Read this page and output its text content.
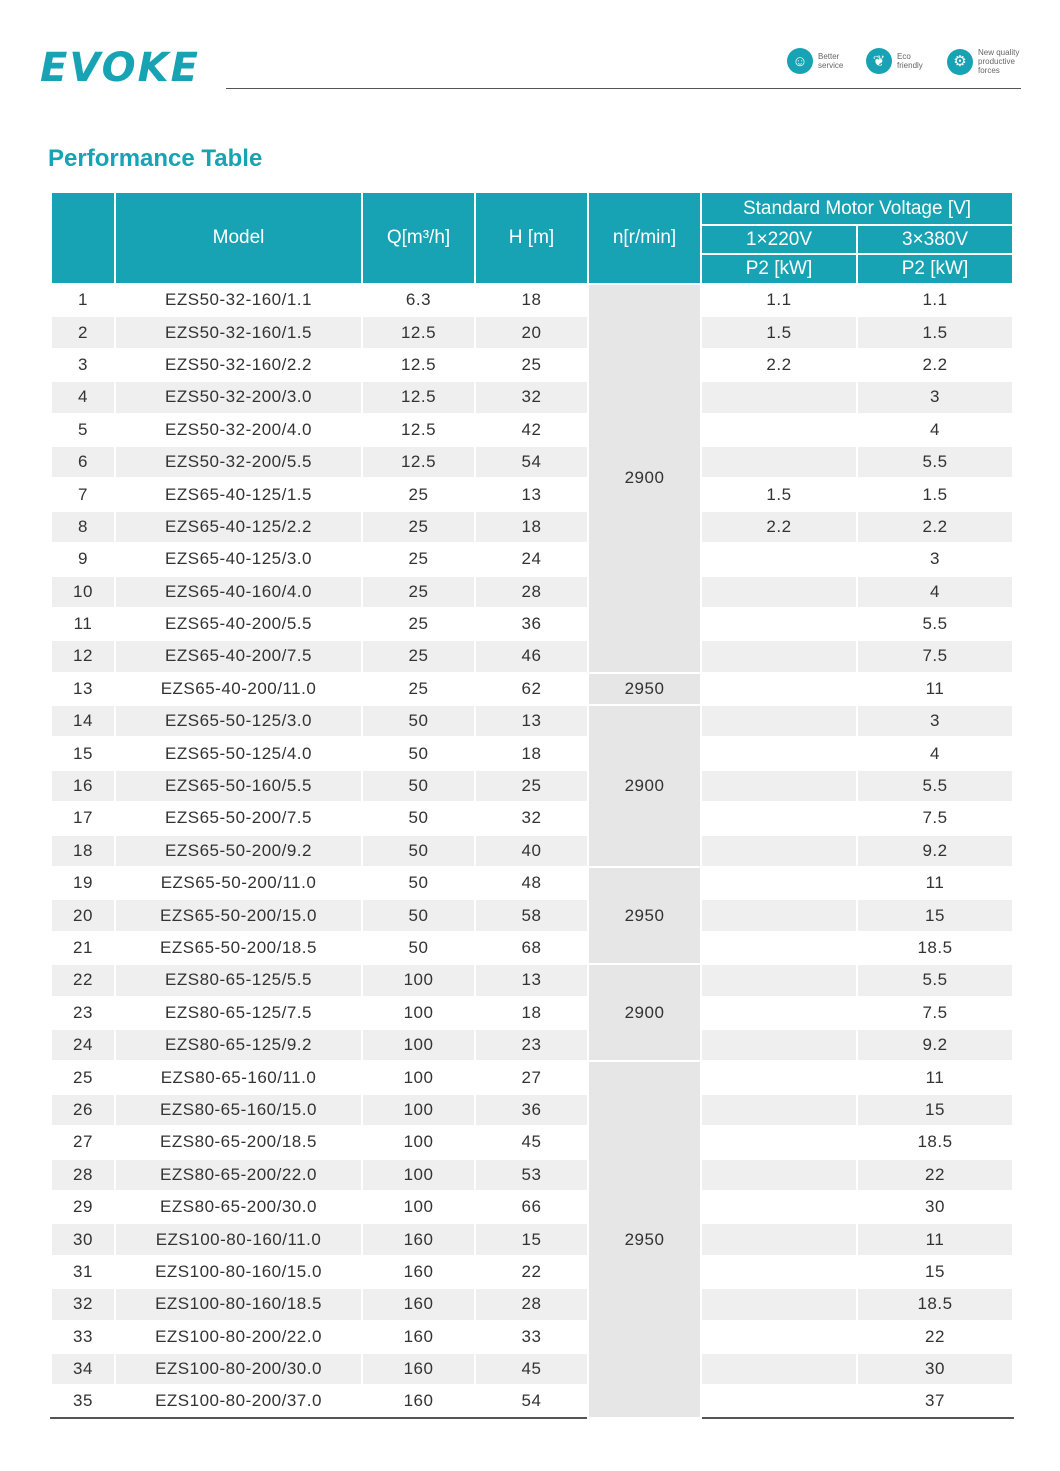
EVOKE	☺	Better
service	❦	Eco
friendly	⚙
New quality
productive
forces
Performance Table
	Model	Q[m³/h]	H [m]	n[r/min]	Standard Motor Voltage [V]	
					1×220V	3×380V
					P2 [kW]	P2 [kW]
1	EZS50-32-160/1.1	6.3	18	2900	1.1	1.1
2	EZS50-32-160/1.5	12.5	20		1.5	1.5
3	EZS50-32-160/2.2	12.5	25		2.2	2.2
4	EZS50-32-200/3.0	12.5	32			3
5	EZS50-32-200/4.0	12.5	42			4
6	EZS50-32-200/5.5	12.5	54			5.5
7	EZS65-40-125/1.5	25	13		1.5	1.5
8	EZS65-40-125/2.2	25	18		2.2	2.2
9	EZS65-40-125/3.0	25	24			3
10	EZS65-40-160/4.0	25	28			4
11	EZS65-40-200/5.5	25	36			5.5
12	EZS65-40-200/7.5	25	46			7.5
13	EZS65-40-200/11.0	25	62	2950		11
14	EZS65-50-125/3.0	50	13	2900		3
15	EZS65-50-125/4.0	50	18			4
16	EZS65-50-160/5.5	50	25			5.5
17	EZS65-50-200/7.5	50	32			7.5
18	EZS65-50-200/9.2	50	40			9.2
19	EZS65-50-200/11.0	50	48	2950		11
20	EZS65-50-200/15.0	50	58			15
21	EZS65-50-200/18.5	50	68			18.5
22	EZS80-65-125/5.5	100	13	2900		5.5
23	EZS80-65-125/7.5	100	18			7.5
24	EZS80-65-125/9.2	100	23			9.2
25	EZS80-65-160/11.0	100	27	2950		11
26	EZS80-65-160/15.0	100	36			15
27	EZS80-65-200/18.5	100	45			18.5
28	EZS80-65-200/22.0	100	53			22
29	EZS80-65-200/30.0	100	66			30
30	EZS100-80-160/11.0	160	15			11
31	EZS100-80-160/15.0	160	22			15
32	EZS100-80-160/18.5	160	28			18.5
33	EZS100-80-200/22.0	160	33			22
34	EZS100-80-200/30.0	160	45			30
35	EZS100-80-200/37.0	160	54			37
